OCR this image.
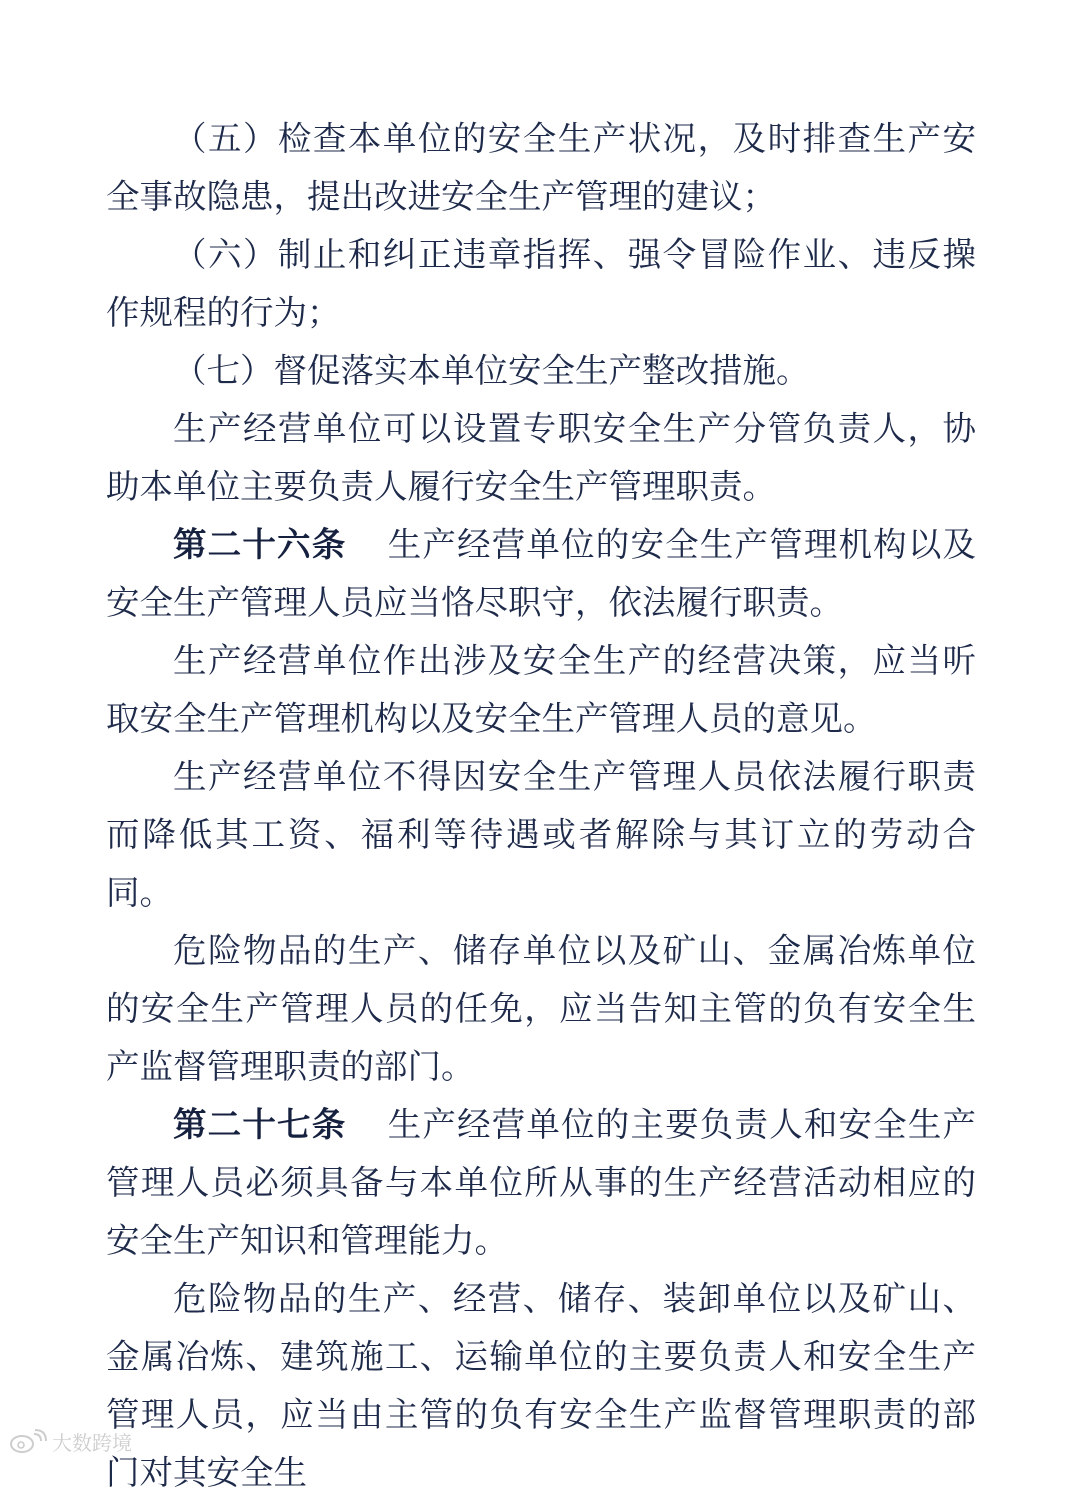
（五）检查本单位的安全生产状况，及时排查生产安全事故隐患，提出改进安全生产管理的建议；

（六）制止和纠正违章指挥、强令冒险作业、违反操作规程的行为；

（七）督促落实本单位安全生产整改措施。

生产经营单位可以设置专职安全生产分管负责人，协助本单位主要负责人履行安全生产管理职责。

第二十六条 生产经营单位的安全生产管理机构以及安全生产管理人员应当恪尽职守，依法履行职责。

生产经营单位作出涉及安全生产的经营决策，应当听取安全生产管理机构以及安全生产管理人员的意见。

生产经营单位不得因安全生产管理人员依法履行职责而降低其工资、福利等待遇或者解除与其订立的劳动合同。

危险物品的生产、储存单位以及矿山、金属冶炼单位的安全生产管理人员的任免，应当告知主管的负有安全生产监督管理职责的部门。

第二十七条 生产经营单位的主要负责人和安全生产管理人员必须具备与本单位所从事的生产经营活动相应的安全生产知识和管理能力。

危险物品的生产、经营、储存、装卸单位以及矿山、金属冶炼、建筑施工、运输单位的主要负责人和安全生产管理人员，应当由主管的负有安全生产监督管理职责的部门对其安全生

大数跨境
